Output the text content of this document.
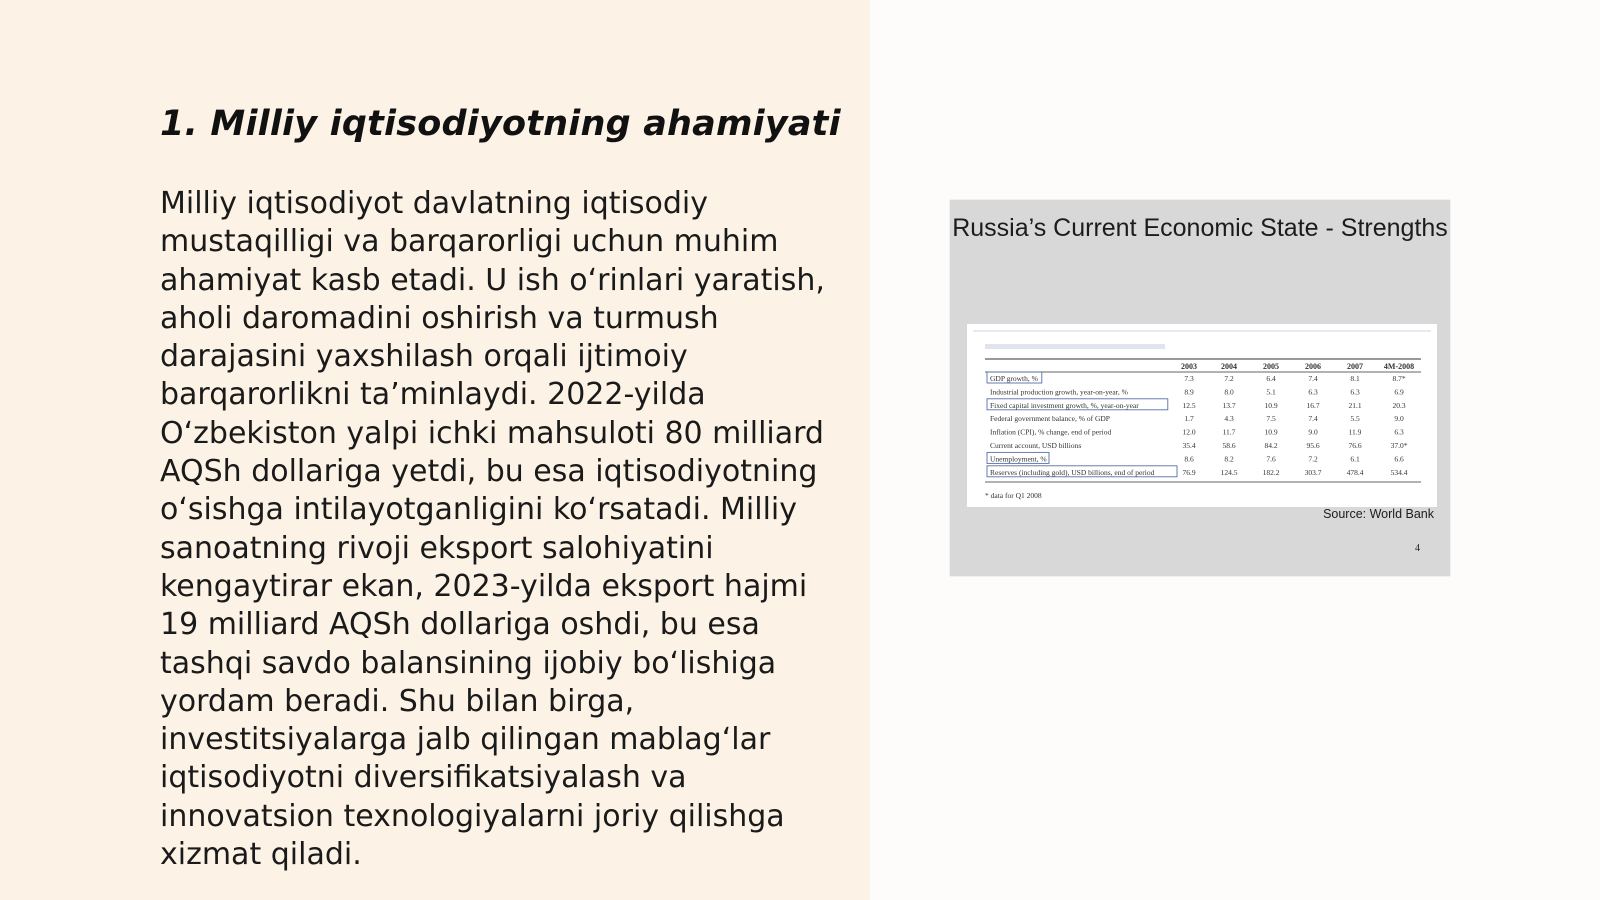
1. Milliy iqtisodiyotning ahamiyati

Milliy iqtisodiyot davlatning iqtisodiy mustaqilligi va barqarorligi uchun muhim ahamiyat kasb etadi. U ish o‘rinlari yaratish, aholi daromadini oshirish va turmush darajasini yaxshilash orqali ijtimoiy barqarorlikni ta’minlaydi. 2022-yilda O‘zbekiston yalpi ichki mahsuloti 80 milliard AQSh dollariga yetdi, bu esa iqtisodiyotning o‘sishga intilayotganligini ko‘rsatadi. Milliy sanoatning rivoji eksport salohiyatini kengaytirar ekan, 2023-yilda eksport hajmi 19 milliard AQSh dollariga oshdi, bu esa tashqi savdo balansining ijobiy bo‘lishiga yordam beradi. Shu bilan birga, investitsiyalarga jalb qilingan mablag‘lar iqtisodiyotni diversifikatsiyalash va innovatsion texnologiyalarni joriy qilishga xizmat qiladi.

Russia’s Current Economic State - Strengths
2003	2004	2005	2006	2007	4M-2008
GDP growth, %	7.3	7.2	6.4	7.4	8.1	8.7*
Industrial production growth, year-on-year, %	8.9	8.0	5.1	6.3	6.3	6.9
Fixed capital investment growth, %, year-on-year	12.5	13.7	10.9	16.7	21.1	20.3
Federal government balance, % of GDP	1.7	4.3	7.5	7.4	5.5	9.0
Inflation (CPI), % change, end of period	12.0	11.7	10.9	9.0	11.9	6.3
Current account, USD billions	35.4	58.6	84.2	95.6	76.6	37.0*
Unemployment, %	8.6	8.2	7.6	7.2	6.1	6.6
Reserves (including gold), USD billions, end of period	76.9	124.5	182.2	303.7	478.4	534.4
* data for Q1 2008
Source: World Bank
4
